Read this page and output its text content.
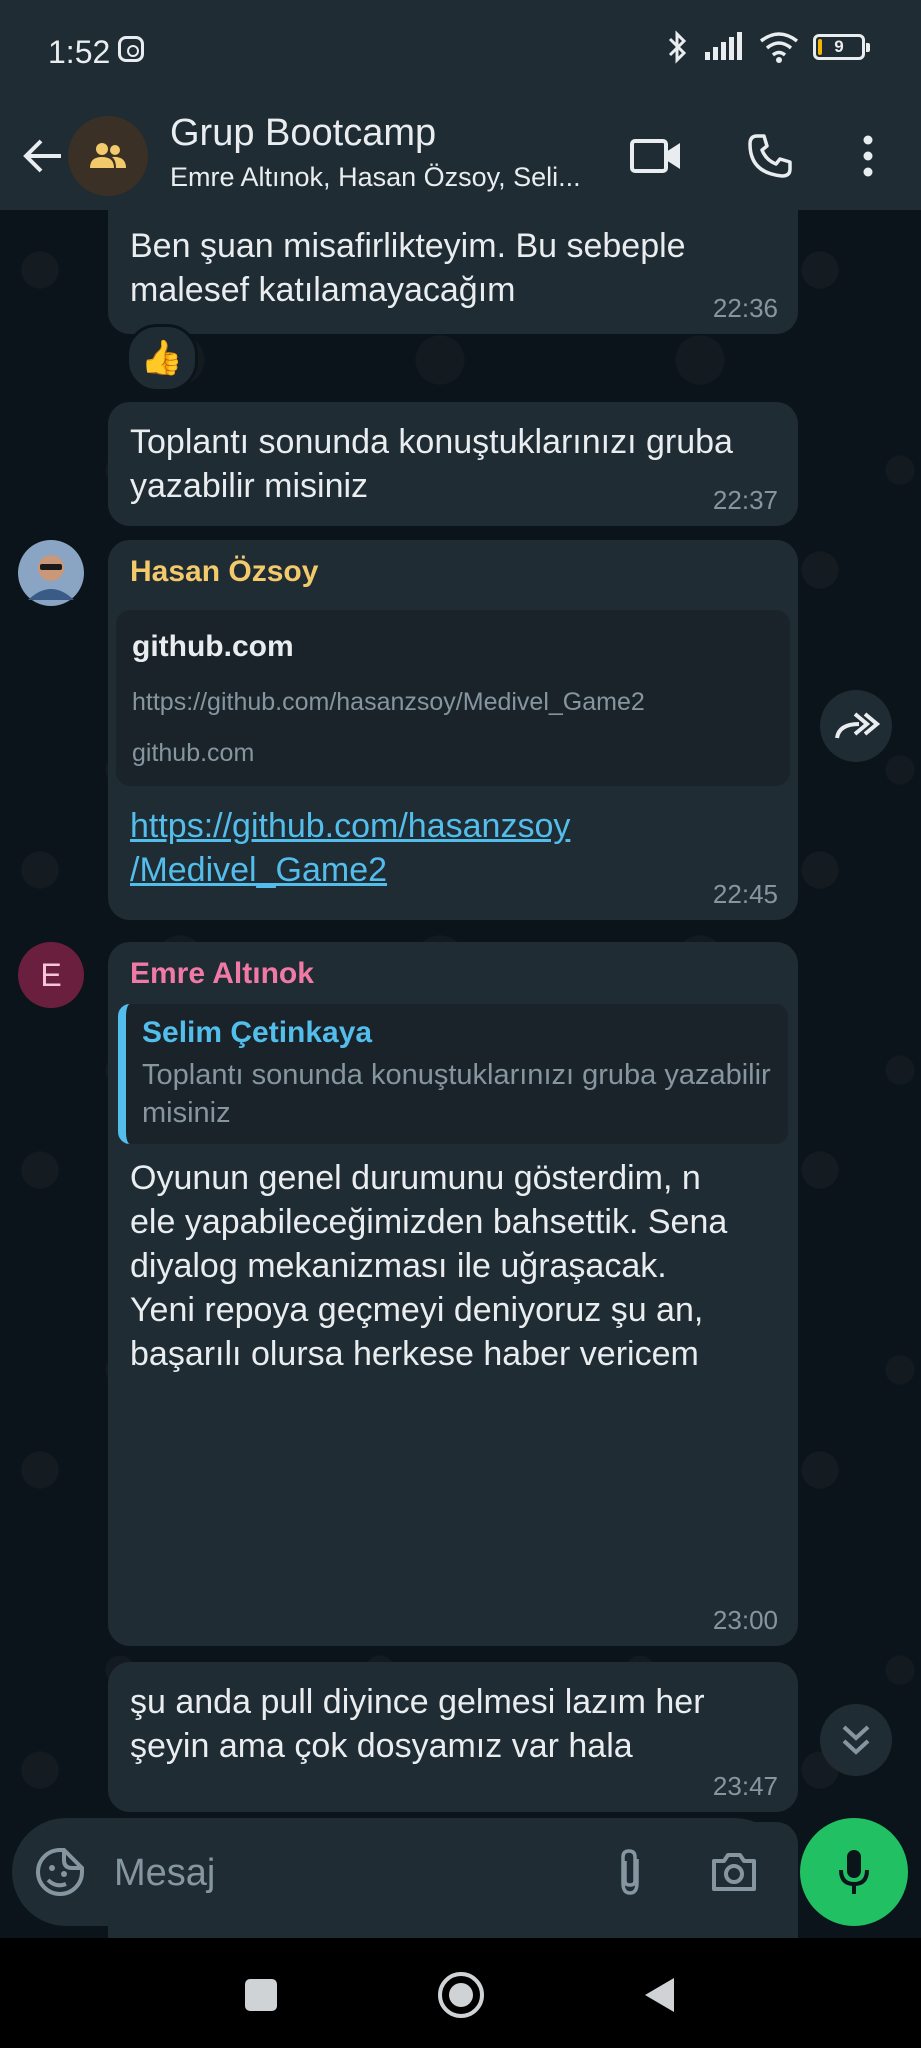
1:52	9
Grup Bootcamp
Emre Altınok, Hasan Özsoy, Seli...
Ben şuan misafirlikteyim. Bu sebeple malesef katılamayacağım	22:36
👍
Toplantı sonunda konuştuklarınızı gruba yazabilir misiniz	22:37
Hasan Özsoy
github.com
https://github.com/hasanzsoy/Medivel_Game2
github.com
https://github.com/hasanzsoy
/Medivel_Game2
22:45
E	Emre Altınok
Selim Çetinkaya
Toplantı sonunda konuştuklarınızı gruba yazabilir misiniz
Oyunun genel durumunu gösterdim, n ele yapabileceğimizden bahsettik. Sena diyalog mekanizması ile uğraşacak. Yeni repoya geçmeyi deniyoruz şu an, başarılı olursa herkese haber vericem
23:00
şu anda pull diyince gelmesi lazım her şeyin ama çok dosyamız var hala
23:47
Mesaj
